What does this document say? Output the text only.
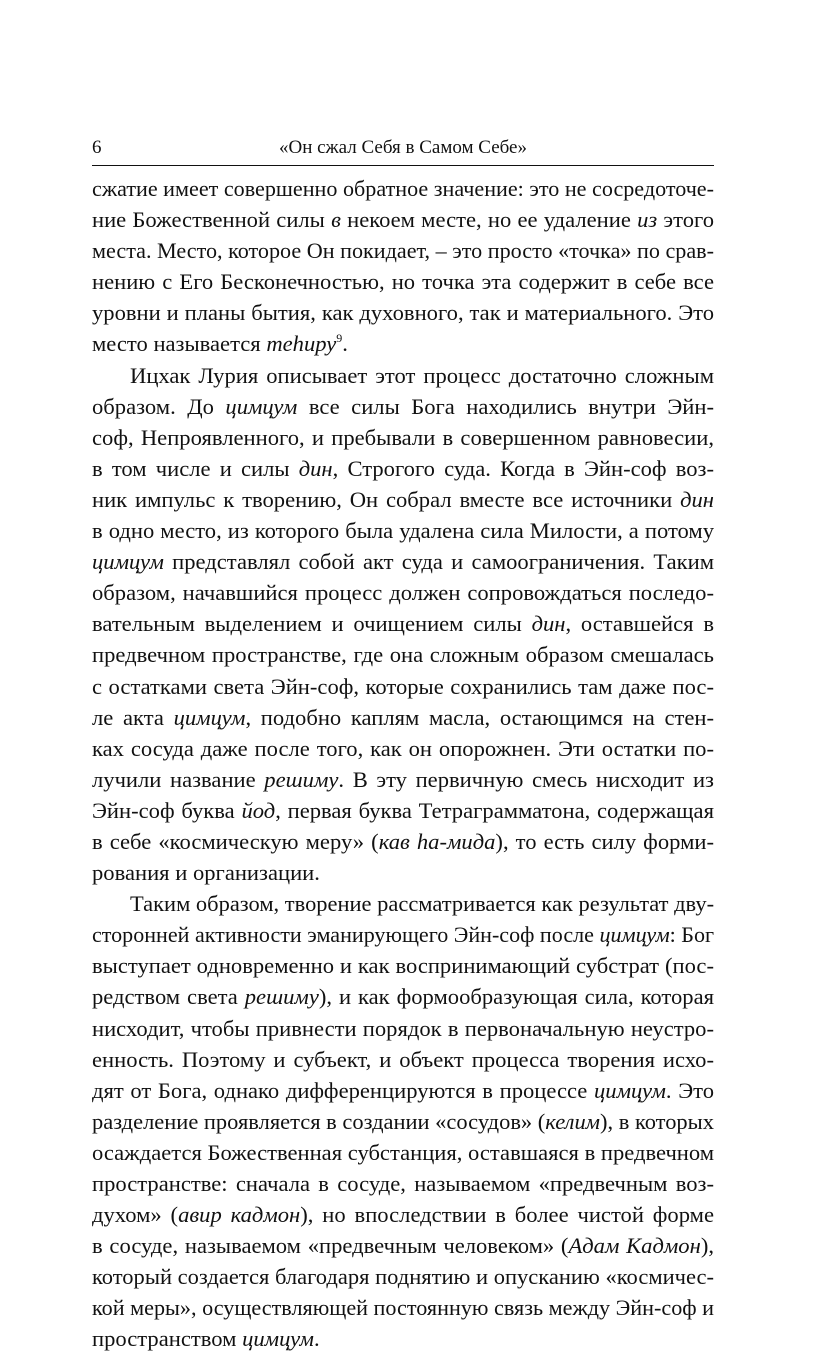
6	«Он сжал Себя в Самом Себе»
сжатие имеет совершенно обратное значение: это не сосредоточе-
ние Божественной силы в некоем месте, но ее удаление из этого
места. Место, которое Он покидает, – это просто «точка» по срав-
нению с Его Бесконечностью, но точка эта содержит в себе все
уровни и планы бытия, как духовного, так и материального. Это
место называется тehиру$^9$.
Ицхак Лурия описывает этот процесс достаточно сложным
образом. До цимцум все силы Бога находились внутри Эйн-
соф, Непроявленного, и пребывали в совершенном равновесии,
в том числе и силы дин, Строгого суда. Когда в Эйн-соф воз-
ник импульс к творению, Он собрал вместе все источники дин
в одно место, из которого была удалена сила Милости, а потому
цимцум представлял собой акт суда и самоограничения. Таким
образом, начавшийся процесс должен сопровождаться последо-
вательным выделением и очищением силы дин, оставшейся в
предвечном пространстве, где она сложным образом смешалась
с остатками света Эйн-соф, которые сохранились там даже пос-
ле акта цимцум, подобно каплям масла, остающимся на стен-
ках сосуда даже после того, как он опорожнен. Эти остатки по-
лучили название решиму. В эту первичную смесь нисходит из
Эйн-соф буква йод, первая буква Тетраграмматона, содержащая
в себе «космическую меру» (кав hа-мида), то есть силу форми-
рования и организации.
Таким образом, творение рассматривается как результат дву-
сторонней активности эманирующего Эйн-соф после цимцум: Бог
выступает одновременно и как воспринимающий субстрат (пос-
редством света решиму), и как формообразующая сила, которая
нисходит, чтобы привнести порядок в первоначальную неустро-
енность. Поэтому и субъект, и объект процесса творения исхо-
дят от Бога, однако дифференцируются в процессе цимцум. Это
разделение проявляется в создании «сосудов» (келим), в которых
осаждается Божественная субстанция, оставшаяся в предвечном
пространстве: сначала в сосуде, называемом «предвечным воз-
духом» (авир кадмон), но впоследствии в более чистой форме
в сосуде, называемом «предвечным человеком» (Адам Кадмон),
который создается благодаря поднятию и опусканию «космичес-
кой меры», осуществляющей постоянную связь между Эйн-соф и
пространством цимцум.
